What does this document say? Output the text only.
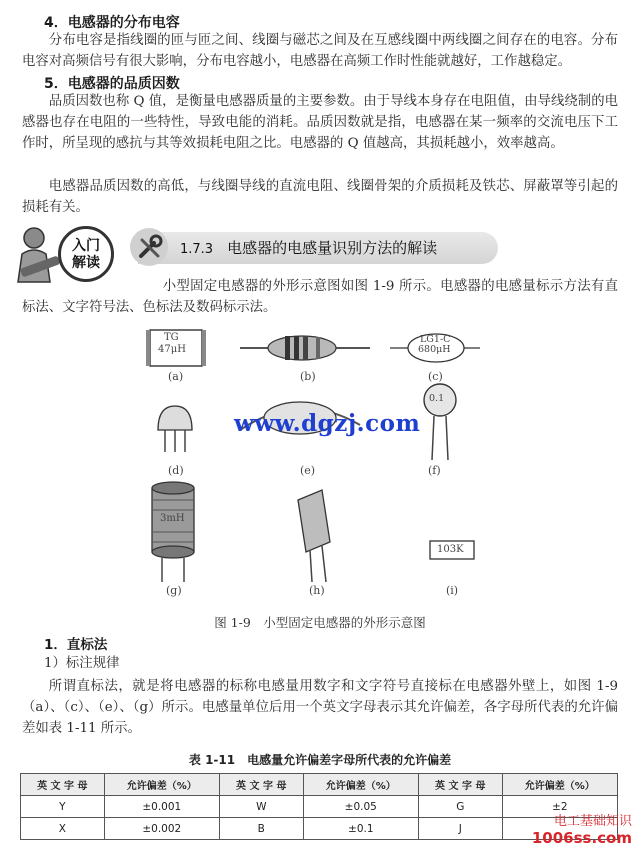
4．电感器的分布电容
分布电容是指线圈的匝与匝之间、线圈与磁芯之间及在互感线圈中两线圈之间存在的电容。分布电容对高频信号有很大影响，分布电容越小，电感器在高频工作时性能就越好，工作越稳定。
5．电感器的品质因数
品质因数也称 Q 值，是衡量电感器质量的主要参数。由于导线本身存在电阻值，由导线绕制的电感器也存在电阻的一些特性，导致电能的消耗。品质因数就是指，电感器在某一频率的交流电压下工作时，所呈现的感抗与其等效损耗电阻之比。电感器的 Q 值越高，其损耗越小，效率越高。
电感器品质因数的高低，与线圈导线的直流电阻、线圈骨架的介质损耗及铁芯、屏蔽罩等引起的损耗有关。
入门
解读
1.7.3 电感器的电感量识别方法的解读
小型固定电感器的外形示意图如图 1-9 所示。电感器的电感量标示方法有直标法、文字符号法、色标法及数码标示法。
TG
47μH
LG1-C
680μH
0.1
3mH
103K
(a)	(b)	(c)
(d)	(e)	(f)
(g)	(h)	(i)
www.dgzj.com
图 1-9　小型固定电感器的外形示意图
1．直标法
1）标注规律
所谓直标法，就是将电感器的标称电感量用数字和文字符号直接标在电感器外壁上，如图 1-9（a）、（c）、（e）、（g）所示。电感量单位后用一个英文字母表示其允许偏差，各字母所代表的允许偏差如表 1-11 所示。
表 1-11　电感量允许偏差字母所代表的允许偏差
英 文 字 母	允许偏差（%）	英 文 字 母	允许偏差（%）	英 文 字 母	允许偏差（%）
Y	±0.001	W	±0.05	G	±2
X	±0.002	B	±0.1	J		电工基础知识
1006ss.com
